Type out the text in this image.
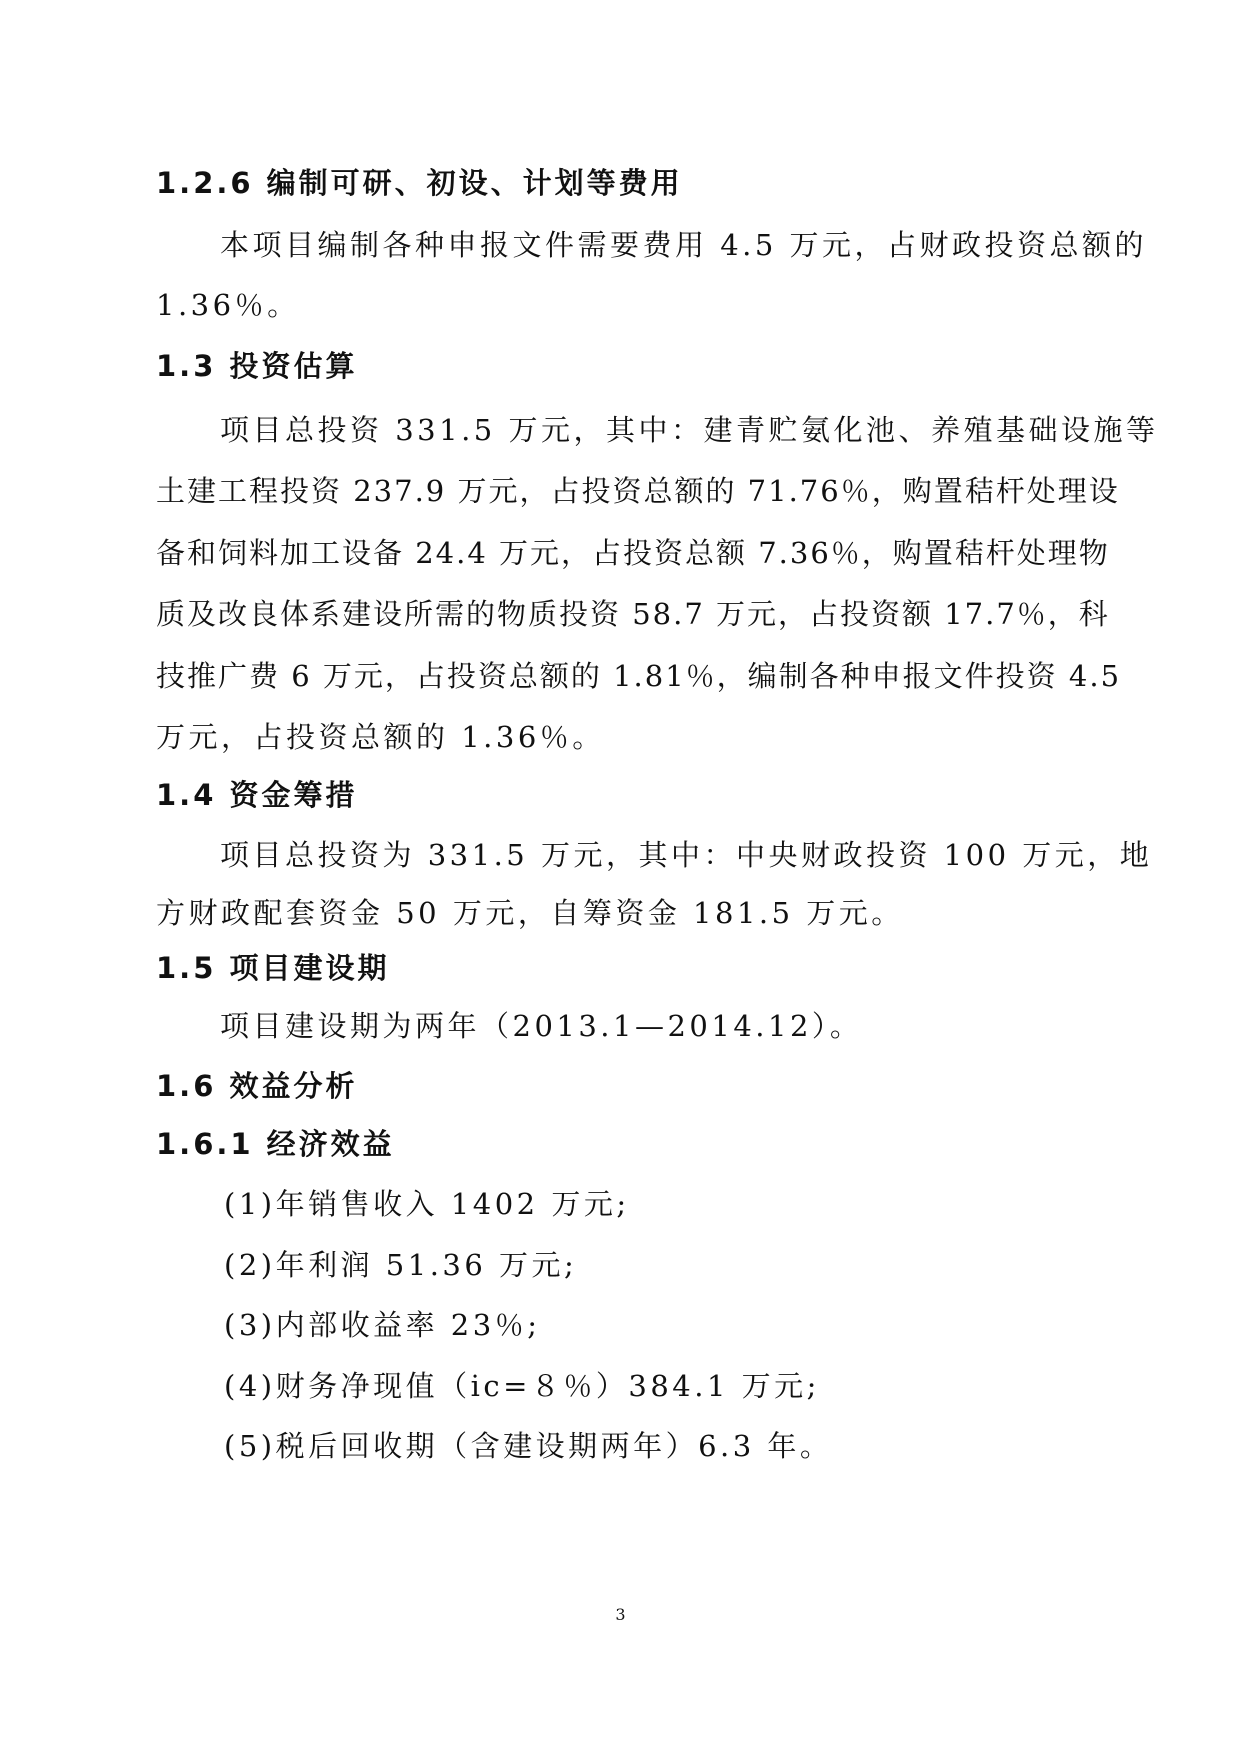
1.2.6 编制可研、初设、计划等费用
本项目编制各种申报文件需要费用 4.5 万元，占财政投资总额的
1.36％。
1.3 投资估算
项目总投资 331.5 万元，其中：建青贮氨化池、养殖基础设施等
土建工程投资 237.9 万元，占投资总额的 71.76％，购置秸杆处理设
备和饲料加工设备 24.4 万元，占投资总额 7.36％，购置秸杆处理物
质及改良体系建设所需的物质投资 58.7 万元，占投资额 17.7％，科
技推广费 6 万元，占投资总额的 1.81％，编制各种申报文件投资 4.5
万元，占投资总额的 1.36％。
1.4 资金筹措
项目总投资为 331.5 万元，其中：中央财政投资 100 万元，地
方财政配套资金 50 万元，自筹资金 181.5 万元。
1.5 项目建设期
项目建设期为两年（2013.1—2014.12）。
1.6 效益分析
1.6.1 经济效益
(1)年销售收入 1402 万元;
(2)年利润 51.36 万元;
(3)内部收益率 23％;
(4)财务净现值（ic=８％）384.1 万元;
(5)税后回收期（含建设期两年）6.3 年。
3
